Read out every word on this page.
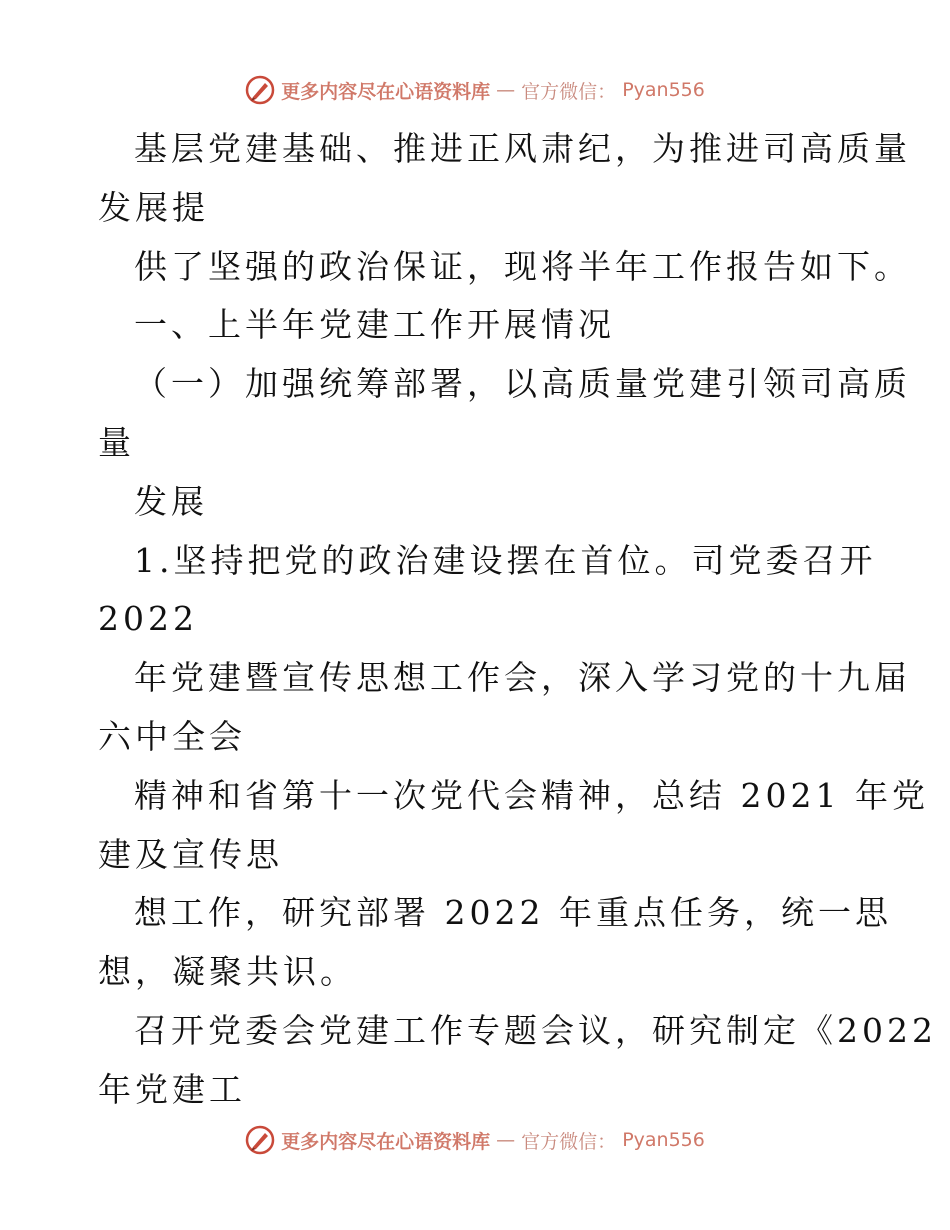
更多内容尽在心语资料库 — 官方微信： Pyan556
基层党建基础、推进正风肃纪，为推进司高质量
发展提
供了坚强的政治保证，现将半年工作报告如下。
一、上半年党建工作开展情况
（一）加强统筹部署，以高质量党建引领司高质
量
发展
1.坚持把党的政治建设摆在首位。司党委召开
2022
年党建暨宣传思想工作会，深入学习党的十九届
六中全会
精神和省第十一次党代会精神，总结 2021 年党
建及宣传思
想工作，研究部署 2022 年重点任务，统一思
想，凝聚共识。
召开党委会党建工作专题会议，研究制定《2022
年党建工
更多内容尽在心语资料库 — 官方微信： Pyan556
